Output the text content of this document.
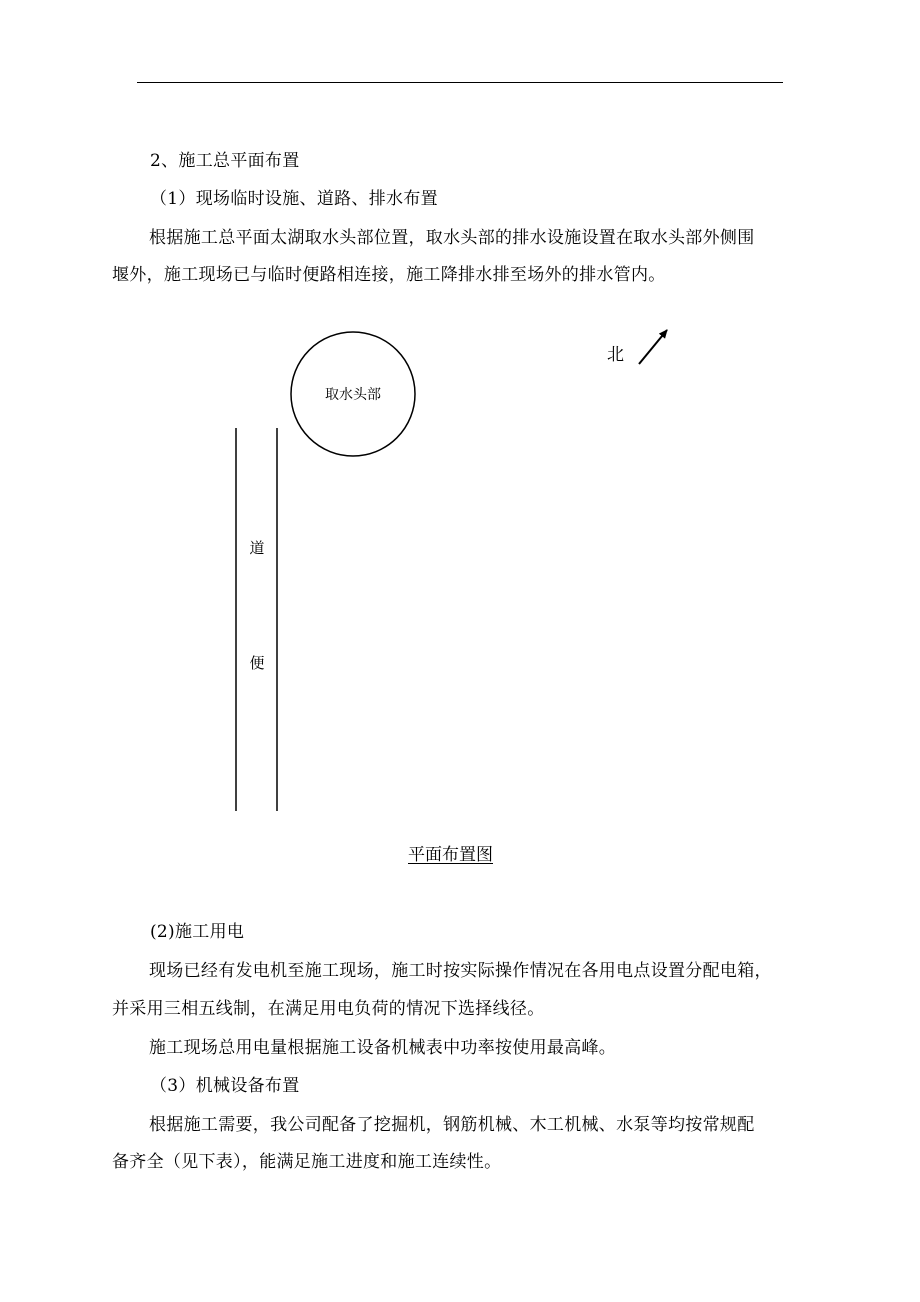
2、施工总平面布置
（1）现场临时设施、道路、排水布置
根据施工总平面太湖取水头部位置，取水头部的排水设施设置在取水头部外侧围
堰外，施工现场已与临时便路相连接，施工降排水排至场外的排水管内。
北
取水头部
道
便
平面布置图
(2)施工用电
现场已经有发电机至施工现场，施工时按实际操作情况在各用电点设置分配电箱，
并采用三相五线制，在满足用电负荷的情况下选择线径。
施工现场总用电量根据施工设备机械表中功率按使用最高峰。
（3）机械设备布置
根据施工需要，我公司配备了挖掘机，钢筋机械、木工机械、水泵等均按常规配
备齐全（见下表），能满足施工进度和施工连续性。
